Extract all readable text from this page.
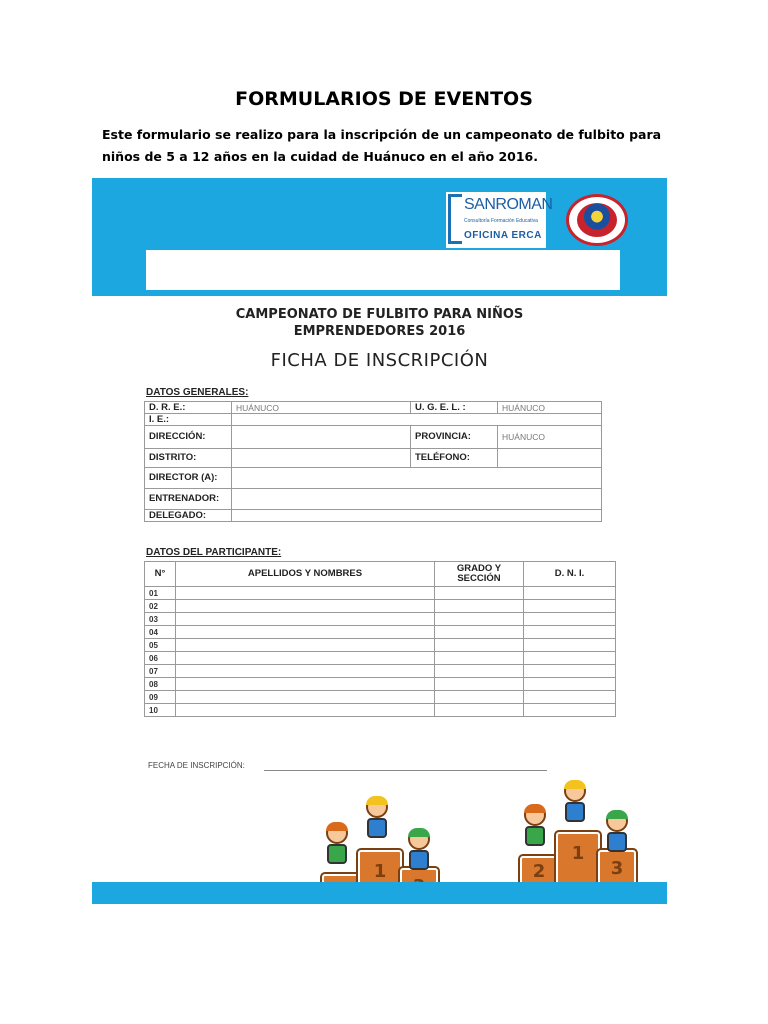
FORMULARIOS DE EVENTOS
Este formulario se realizo para la inscripción de un campeonato de fulbito para niños de 5 a 12 años en la cuidad de Huánuco en el año 2016.
SANROMAN
Consultoría Formación Educativa
OFICINA ERCA
CAMPEONATO DE FULBITO PARA NIÑOS
EMPRENDEDORES 2016
FICHA DE INSCRIPCIÓN
DATOS GENERALES:
D. R. E.:	HUÁNUCO	U. G. E. L. :	HUÁNUCO
I. E.:			
DIRECCIÓN:		PROVINCIA:	HUÁNUCO
DISTRITO:		TELÉFONO:	
DIRECTOR (A):			
ENTRENADOR:			
DELEGADO:			
DATOS DEL PARTICIPANTE:
N°	APELLIDOS Y NOMBRES	GRADO Y SECCIÓN	D. N. I.
01			
02			
03			
04			
05			
06			
07			
08			
09			
10			
FECHA DE INSCRIPCIÓN:
1	2
1
3
